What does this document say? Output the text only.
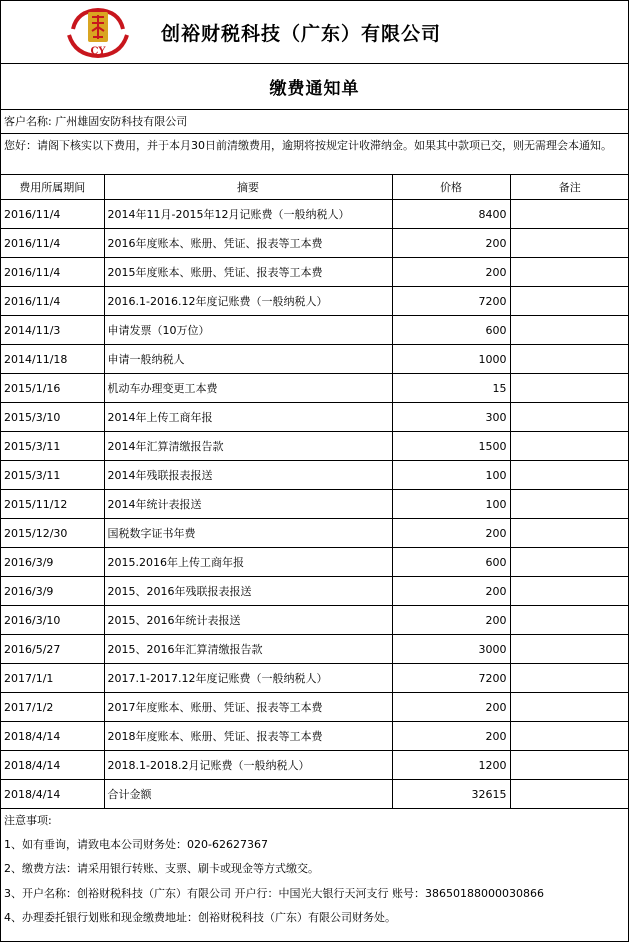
CY
创裕财税科技（广东）有限公司
缴费通知单
客户名称: 广州雄固安防科技有限公司
您好：请阁下核实以下费用，并于本月30日前清缴费用，逾期将按规定计收滞纳金。如果其中款项已交，则无需理会本通知。
费用所属期间	摘要	价格	备注
2016/11/4	2014年11月-2015年12月记账费（一般纳税人）	8400	
2016/11/4	2016年度账本、账册、凭证、报表等工本费	200	
2016/11/4	2015年度账本、账册、凭证、报表等工本费	200	
2016/11/4	2016.1-2016.12年度记账费（一般纳税人）	7200	
2014/11/3	申请发票（10万位）	600	
2014/11/18	申请一般纳税人	1000	
2015/1/16	机动车办理变更工本费	15	
2015/3/10	2014年上传工商年报	300	
2015/3/11	2014年汇算清缴报告款	1500	
2015/3/11	2014年残联报表报送	100	
2015/11/12	2014年统计表报送	100	
2015/12/30	国税数字证书年费	200	
2016/3/9	2015.2016年上传工商年报	600	
2016/3/9	2015、2016年残联报表报送	200	
2016/3/10	2015、2016年统计表报送	200	
2016/5/27	2015、2016年汇算清缴报告款	3000	
2017/1/1	2017.1-2017.12年度记账费（一般纳税人）	7200	
2017/1/2	2017年度账本、账册、凭证、报表等工本费	200	
2018/4/14	2018年度账本、账册、凭证、报表等工本费	200	
2018/4/14	2018.1-2018.2月记账费（一般纳税人）	1200	
2018/4/14	合计金额	32615	
注意事项:
1、如有垂询，请致电本公司财务处：020-62627367
2、缴费方法：请采用银行转账、支票、刷卡或现金等方式缴交。
3、开户名称：创裕财税科技（广东）有限公司 开户行：中国光大银行天河支行 账号：38650188000030866
4、办理委托银行划账和现金缴费地址：创裕财税科技（广东）有限公司财务处。
